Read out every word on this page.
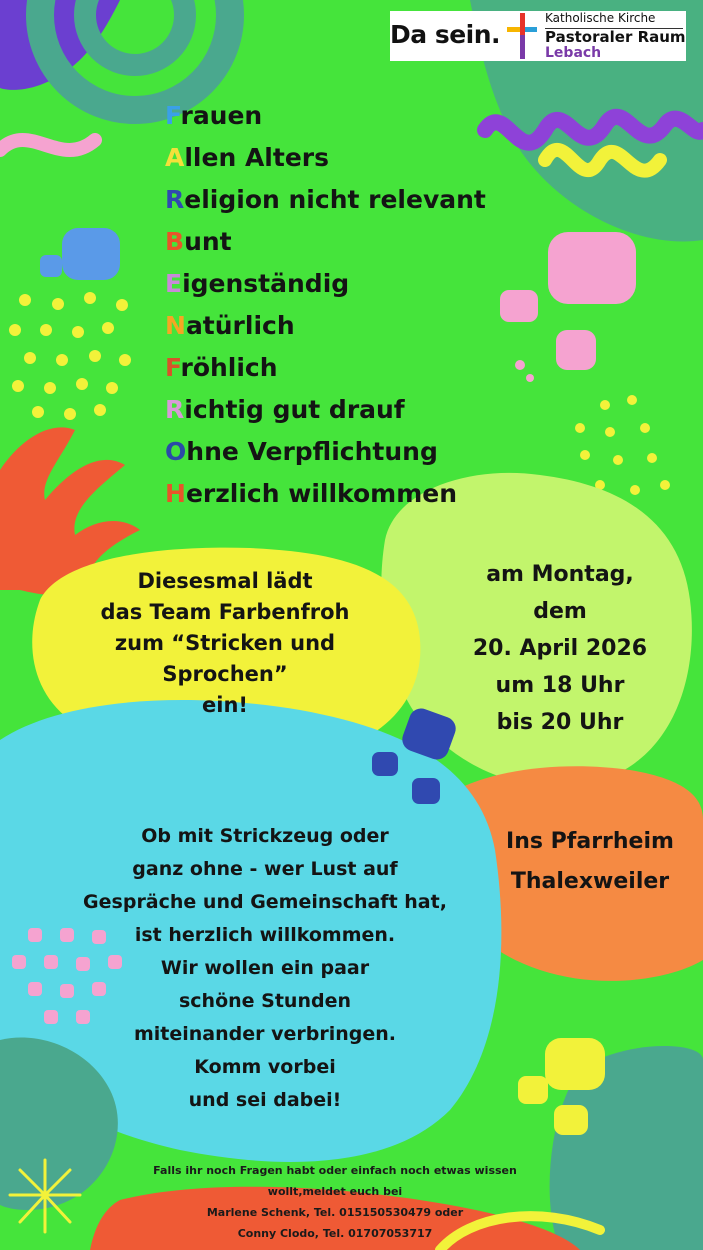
Da sein.
Katholische Kirche
Pastoraler Raum
Lebach
Frauen
Allen Alters
Religion nicht relevant
Bunt
Eigenständig
Natürlich
Fröhlich
Richtig gut drauf
Ohne Verpflichtung
Herzlich willkommen
Diesesmal lädt
das Team Farbenfroh
zum “Stricken und
Sprochen”
ein!
am Montag,
dem
20. April 2026
um 18 Uhr
bis 20 Uhr
Ins Pfarrheim
Thalexweiler
Ob mit Strickzeug oder
ganz ohne - wer Lust auf
Gespräche und Gemeinschaft hat,
ist herzlich willkommen.
Wir wollen ein paar
schöne Stunden
miteinander verbringen.
Komm vorbei
und sei dabei!
Falls ihr noch Fragen habt oder einfach noch etwas wissen
wollt,meldet euch bei
Marlene Schenk, Tel. 015150530479 oder
Conny Clodo, Tel. 01707053717
